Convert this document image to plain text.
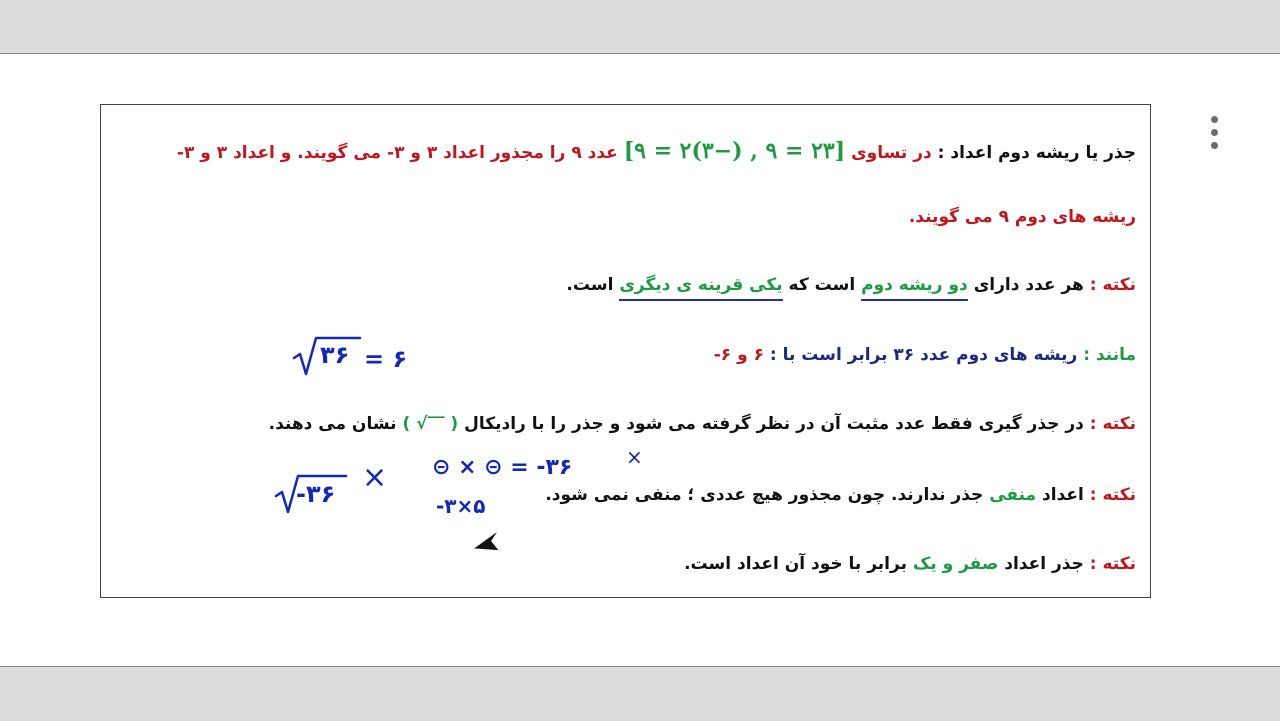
جذر یا ریشه دوم اعداد : در تساوی [۹ = ۲(۳−) , ۹ = ۲۳] عدد ۹ را مجذور اعداد ۳ و ۳- می گویند. و اعداد ۳ و ۳-
ریشه های دوم ۹ می گویند.
نکته : هر عدد دارای دو ریشه دوم است که یکی قرینه ی دیگری است.
مانند : ریشه های دوم عدد ۳۶ برابر است با : ۶ و ۶-
نکته : در جذر گیری فقط عدد مثبت آن در نظر گرفته می شود و جذر را با رادیکال ( √‾‾ ) نشان می دهند.
نکته : اعداد منفی جذر ندارند. چون مجذور هیچ عددی ؛ منفی نمی شود.
نکته : جذر اعداد صفر و یک برابر با خود آن اعداد است.
۳۶ = ۶
-۳۶ × ⊝ × ⊝ = -۳۶	×
-۳×۵
